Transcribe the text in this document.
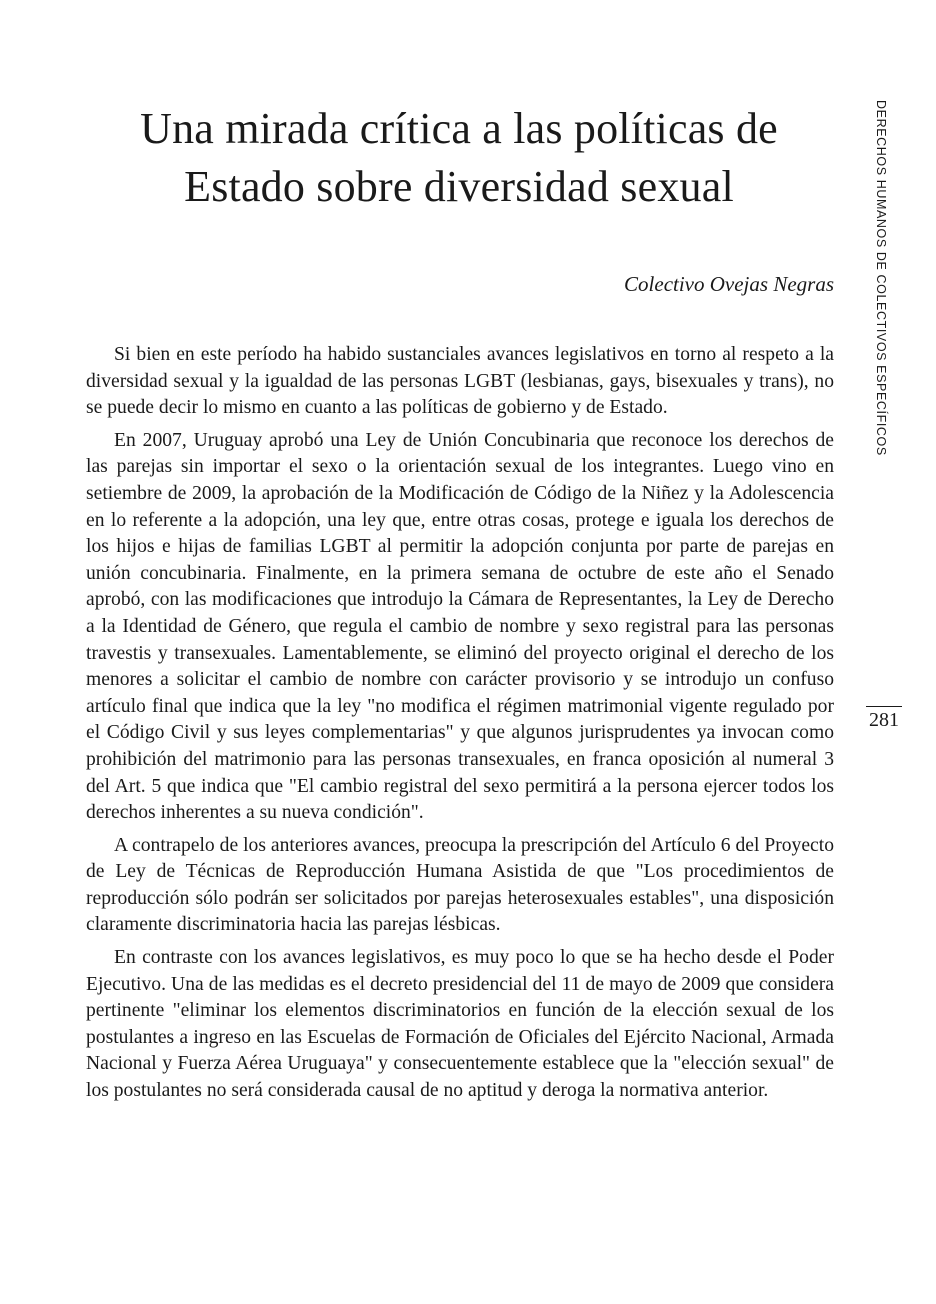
Una mirada crítica a las políticas de
Estado sobre diversidad sexual
Colectivo Ovejas Negras

Si bien en este período ha habido sustanciales avances legislativos en torno al respeto a la diversidad sexual y la igualdad de las personas LGBT (lesbianas, gays, bisexuales y trans), no se puede decir lo mismo en cuanto a las políticas de gobierno y de Estado.

En 2007, Uruguay aprobó una Ley de Unión Concubinaria que reconoce los derechos de las parejas sin importar el sexo o la orientación sexual de los integrantes. Luego vino en setiembre de 2009, la aprobación de la Modificación de Código de la Niñez y la Adolescencia en lo referente a la adopción, una ley que, entre otras cosas, protege e iguala los derechos de los hijos e hijas de familias LGBT al permitir la adopción conjunta por parte de parejas en unión concubinaria. Finalmente, en la primera semana de octubre de este año el Senado aprobó, con las modificaciones que introdujo la Cámara de Representantes, la Ley de Derecho a la Identidad de Género, que regula el cambio de nombre y sexo registral para las personas travestis y transexuales. Lamentablemente, se eliminó del proyecto original el derecho de los menores a solicitar el cambio de nombre con carácter provisorio y se introdujo un confuso artículo final que indica que la ley "no modifica el régimen matrimonial vigente regulado por el Código Civil y sus leyes complementarias" y que algunos jurisprudentes ya invocan como prohibición del matrimonio para las personas transexuales, en franca oposición al numeral 3 del Art. 5 que indica que "El cambio registral del sexo permitirá a la persona ejercer todos los derechos inherentes a su nueva condición".

A contrapelo de los anteriores avances, preocupa la prescripción del Artículo 6 del Proyecto de Ley de Técnicas de Reproducción Humana Asistida de que "Los procedimientos de reproducción sólo podrán ser solicitados por parejas heterosexuales estables", una disposición claramente discriminatoria hacia las parejas lésbicas.

En contraste con los avances legislativos, es muy poco lo que se ha hecho desde el Poder Ejecutivo. Una de las medidas es el decreto presidencial del 11 de mayo de 2009 que considera pertinente "eliminar los elementos discriminatorios en función de la elección sexual de los postulantes a ingreso en las Escuelas de Formación de Oficiales del Ejército Nacional, Armada Nacional y Fuerza Aérea Uruguaya" y consecuentemente establece que la "elección sexual" de los postulantes no será considerada causal de no aptitud y deroga la normativa anterior.

DERECHOS HUMANOS DE COLECTIVOS ESPECÍFICOS
281
